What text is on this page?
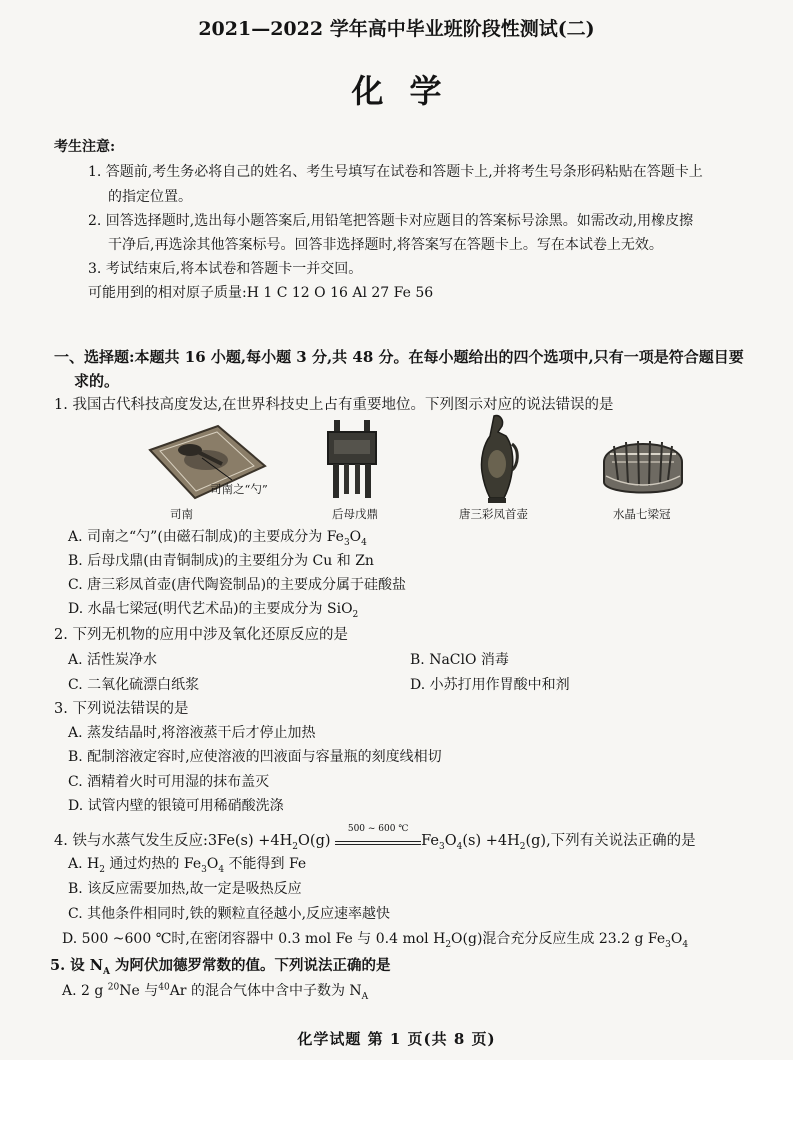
2021—2022 学年高中毕业班阶段性测试(二)
化学
考生注意:
1. 答题前,考生务必将自己的姓名、考生号填写在试卷和答题卡上,并将考生号条形码粘贴在答题卡上
的指定位置。
2. 回答选择题时,选出每小题答案后,用铅笔把答题卡对应题目的答案标号涂黑。如需改动,用橡皮擦
干净后,再选涂其他答案标号。回答非选择题时,将答案写在答题卡上。写在本试卷上无效。
3. 考试结束后,将本试卷和答题卡一并交回。
可能用到的相对原子质量:H 1 C 12 O 16 Al 27 Fe 56
一、选择题:本题共 16 小题,每小题 3 分,共 48 分。在每小题给出的四个选项中,只有一项是符合题目要
求的。
1. 我国古代科技高度发达,在世界科技史上占有重要地位。下列图示对应的说法错误的是
司南之“勺”
司南	后母戊鼎	唐三彩凤首壶	水晶七梁冠
A. 司南之“勺”(由磁石制成)的主要成分为 $Fe_3O_4$
B. 后母戊鼎(由青铜制成)的主要组分为 Cu 和 Zn
C. 唐三彩凤首壶(唐代陶瓷制品)的主要成分属于硅酸盐
D. 水晶七梁冠(明代艺术品)的主要成分为 SiO$_2$
2. 下列无机物的应用中涉及氧化还原反应的是
A. 活性炭净水	B. NaClO 消毒
C. 二氧化硫漂白纸浆	D. 小苏打用作胃酸中和剂
3. 下列说法错误的是
A. 蒸发结晶时,将溶液蒸干后才停止加热
B. 配制溶液定容时,应使溶液的凹液面与容量瓶的刻度线相切
C. 酒精着火时可用湿的抹布盖灭
D. 试管内壁的银镜可用稀硝酸洗涤
4. 铁与水蒸气发生反应:3Fe(s) $+4H_2O(g)$
500 ~ 600 ℃
$Fe_3O_4(s) +4H_2(g)$,下列有关说法正确的是
A. $H_2$ 通过灼热的 $Fe_3O_4$ 不能得到 Fe
B. 该反应需要加热,故一定是吸热反应
C. 其他条件相同时,铁的颗粒直径越小,反应速率越快
D. 500 ~600 ℃时,在密闭容器中 0.3 mol Fe 与 0.4 mol $H_2O(g)$混合充分反应生成 23.2 g $Fe_3O_4$
5. 设 $N_A$ 为阿伏加德罗常数的值。下列说法正确的是
A. 2 g $^{20}$Ne 与$^{40}$Ar 的混合气体中含中子数为 $N_A$
化学试题 第 1 页(共 8 页)
